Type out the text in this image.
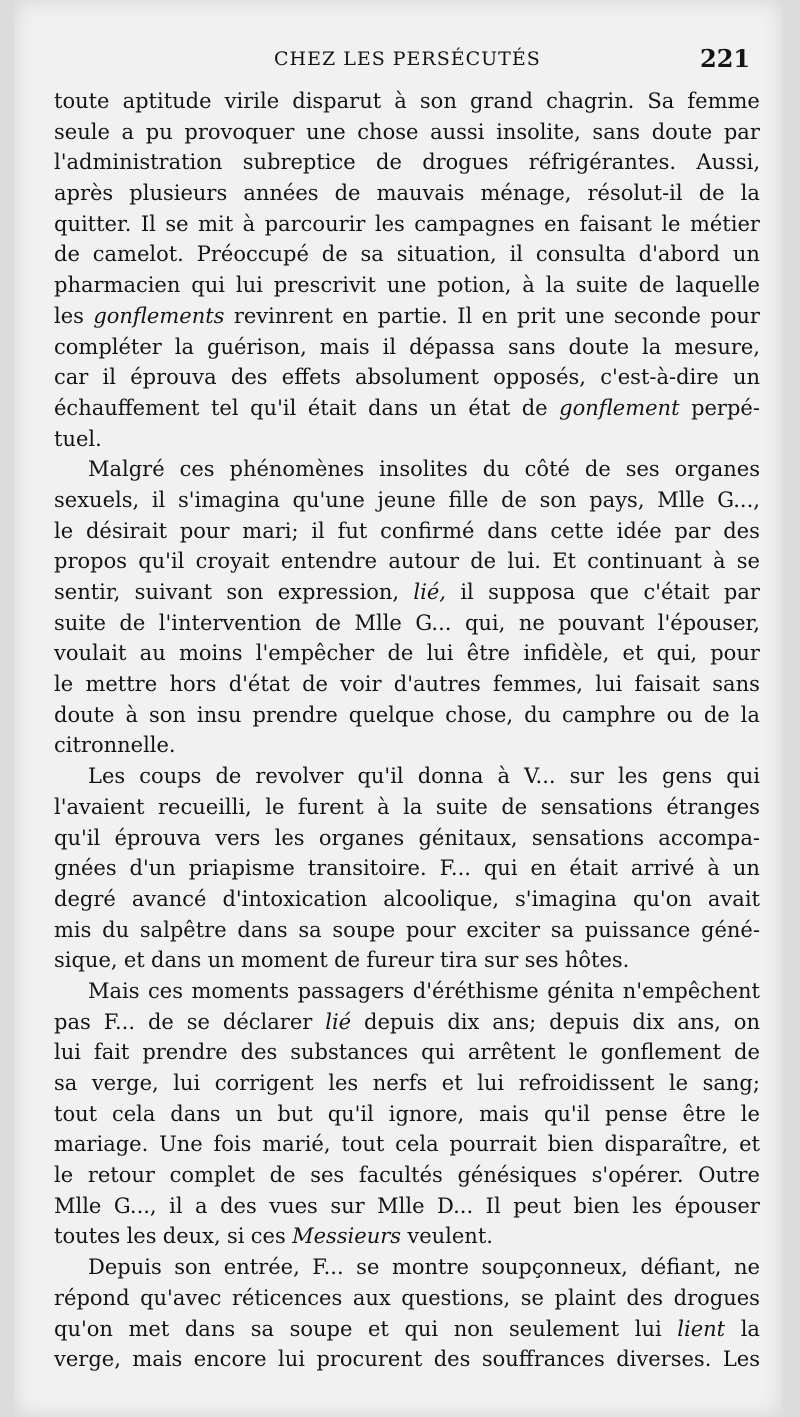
CHEZ LES PERSÉCUTÉS	221
toute aptitude virile disparut à son grand chagrin. Sa femme
seule a pu provoquer une chose aussi insolite, sans doute par
l'administration subreptice de drogues réfrigérantes. Aussi,
après plusieurs années de mauvais ménage, résolut-il de la
quitter. Il se mit à parcourir les campagnes en faisant le métier
de camelot. Préoccupé de sa situation, il consulta d'abord un
pharmacien qui lui prescrivit une potion, à la suite de laquelle
les gonflements revinrent en partie. Il en prit une seconde pour
compléter la guérison, mais il dépassa sans doute la mesure,
car il éprouva des effets absolument opposés, c'est-à-dire un
échauffement tel qu'il était dans un état de gonflement perpé-
tuel.
Malgré ces phénomènes insolites du côté de ses organes
sexuels, il s'imagina qu'une jeune fille de son pays, Mlle G...,
le désirait pour mari; il fut confirmé dans cette idée par des
propos qu'il croyait entendre autour de lui. Et continuant à se
sentir, suivant son expression, lié, il supposa que c'était par
suite de l'intervention de Mlle G... qui, ne pouvant l'épouser,
voulait au moins l'empêcher de lui être infidèle, et qui, pour
le mettre hors d'état de voir d'autres femmes, lui faisait sans
doute à son insu prendre quelque chose, du camphre ou de la
citronnelle.
Les coups de revolver qu'il donna à V... sur les gens qui
l'avaient recueilli, le furent à la suite de sensations étranges
qu'il éprouva vers les organes génitaux, sensations accompa-
gnées d'un priapisme transitoire. F... qui en était arrivé à un
degré avancé d'intoxication alcoolique, s'imagina qu'on avait
mis du salpêtre dans sa soupe pour exciter sa puissance géné-
sique, et dans un moment de fureur tira sur ses hôtes.
Mais ces moments passagers d'éréthisme génita n'empêchent
pas F... de se déclarer lié depuis dix ans; depuis dix ans, on
lui fait prendre des substances qui arrêtent le gonflement de
sa verge, lui corrigent les nerfs et lui refroidissent le sang;
tout cela dans un but qu'il ignore, mais qu'il pense être le
mariage. Une fois marié, tout cela pourrait bien disparaître, et
le retour complet de ses facultés génésiques s'opérer. Outre
Mlle G..., il a des vues sur Mlle D... Il peut bien les épouser
toutes les deux, si ces Messieurs veulent.
Depuis son entrée, F... se montre soupçonneux, défiant, ne
répond qu'avec réticences aux questions, se plaint des drogues
qu'on met dans sa soupe et qui non seulement lui lient la
verge, mais encore lui procurent des souffrances diverses. Les
